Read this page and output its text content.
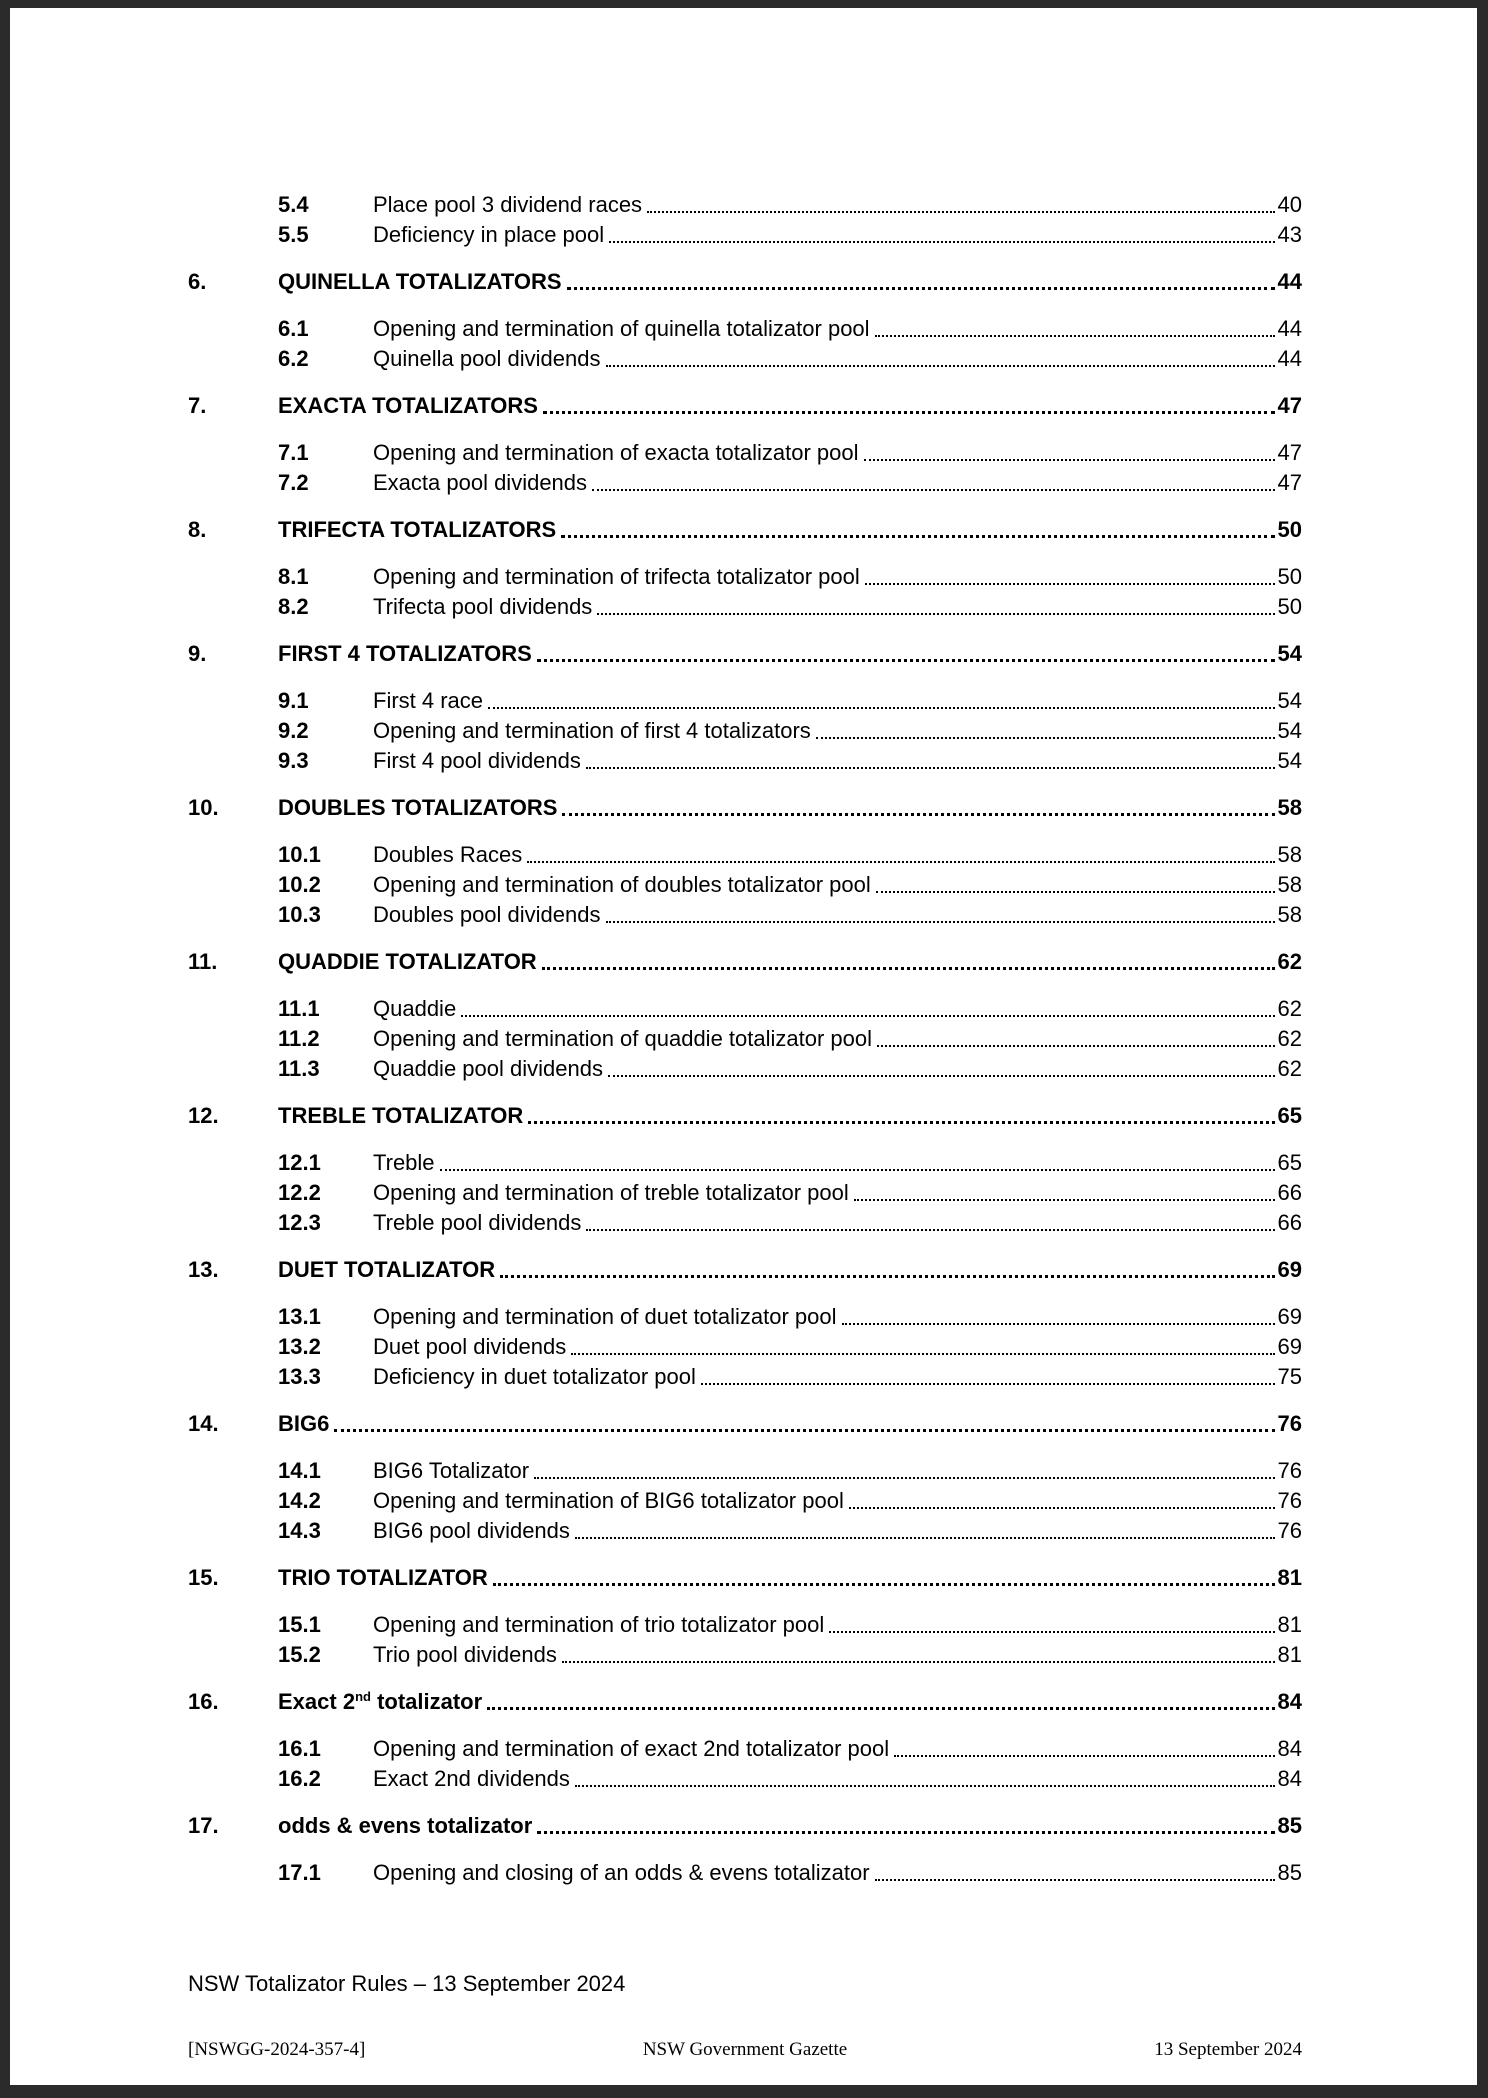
5.4	Place pool 3 dividend races	40
5.5	Deficiency in place pool	43
6.	QUINELLA TOTALIZATORS	44
6.1	Opening and termination of quinella totalizator pool	44
6.2	Quinella pool dividends	44
7.	EXACTA TOTALIZATORS	47
7.1	Opening and termination of exacta totalizator pool	47
7.2	Exacta pool dividends	47
8.	TRIFECTA TOTALIZATORS	50
8.1	Opening and termination of trifecta totalizator pool	50
8.2	Trifecta pool dividends	50
9.	FIRST 4 TOTALIZATORS	54
9.1	First 4 race	54
9.2	Opening and termination of first 4 totalizators	54
9.3	First 4 pool dividends	54
10.	DOUBLES TOTALIZATORS	58
10.1	Doubles Races	58
10.2	Opening and termination of doubles totalizator pool	58
10.3	Doubles pool dividends	58
11.	QUADDIE TOTALIZATOR	62
11.1	Quaddie	62
11.2	Opening and termination of quaddie totalizator pool	62
11.3	Quaddie pool dividends	62
12.	TREBLE TOTALIZATOR	65
12.1	Treble	65
12.2	Opening and termination of treble totalizator pool	66
12.3	Treble pool dividends	66
13.	DUET TOTALIZATOR	69
13.1	Opening and termination of duet totalizator pool	69
13.2	Duet pool dividends	69
13.3	Deficiency in duet totalizator pool	75
14.	BIG6	76
14.1	BIG6 Totalizator	76
14.2	Opening and termination of BIG6 totalizator pool	76
14.3	BIG6 pool dividends	76
15.	TRIO TOTALIZATOR	81
15.1	Opening and termination of trio totalizator pool	81
15.2	Trio pool dividends	81
16.	Exact 2nd totalizator	84
16.1	Opening and termination of exact 2nd totalizator pool	84
16.2	Exact 2nd dividends	84
17.	odds & evens totalizator	85
17.1	Opening and closing of an odds & evens totalizator	85
NSW Totalizator Rules – 13 September 2024
[NSWGG-2024-357-4]	NSW Government Gazette	13 September 2024
